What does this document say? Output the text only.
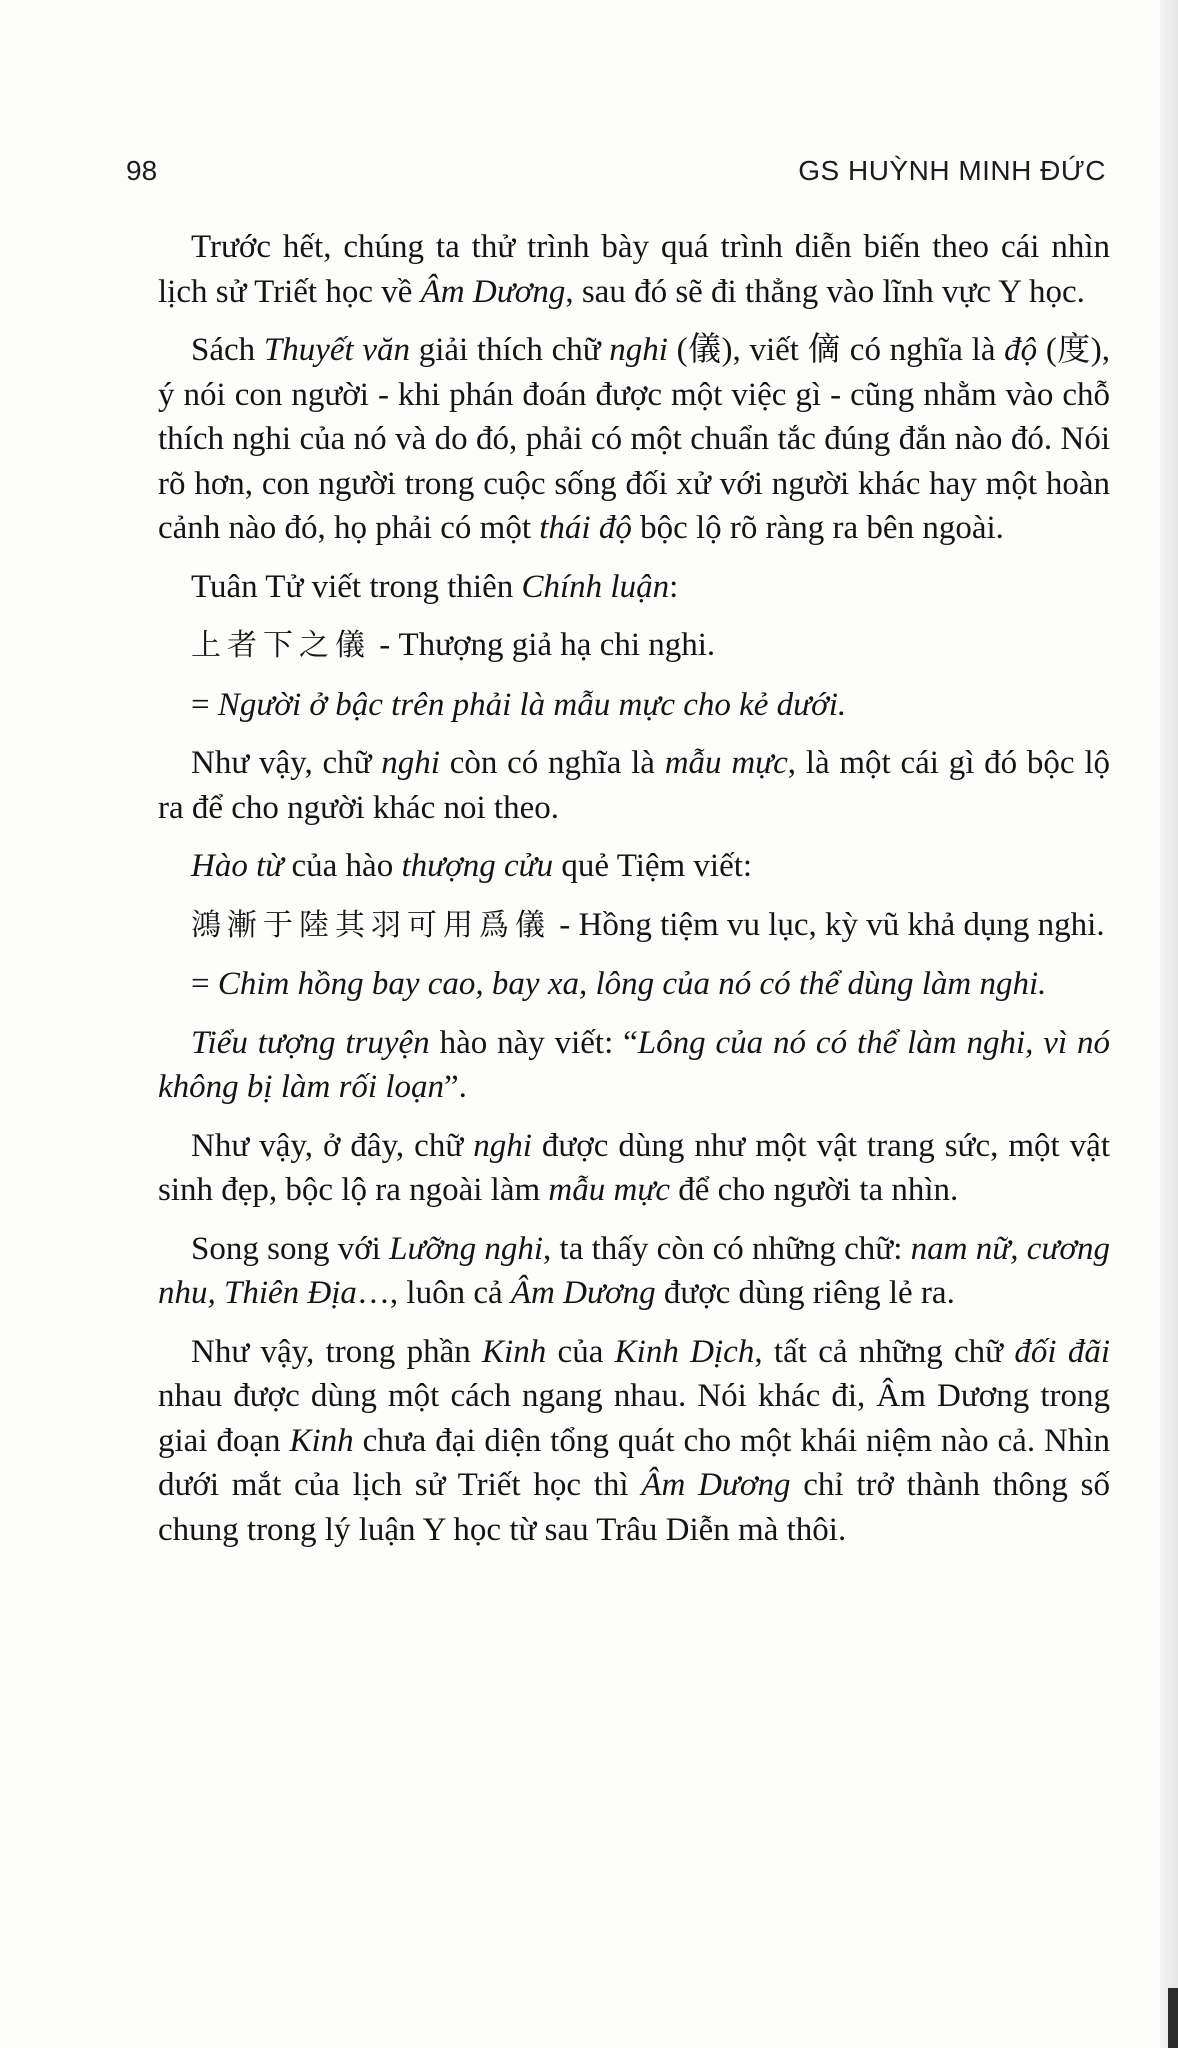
98	GS HUỲNH MINH ĐỨC

Trước hết, chúng ta thử trình bày quá trình diễn biến theo cái nhìn lịch sử Triết học về Âm Dương, sau đó sẽ đi thẳng vào lĩnh vực Y học.

Sách Thuyết văn giải thích chữ nghi (儀), viết 㒀 có nghĩa là độ (度), ý nói con người - khi phán đoán được một việc gì - cũng nhằm vào chỗ thích nghi của nó và do đó, phải có một chuẩn tắc đúng đắn nào đó. Nói rõ hơn, con người trong cuộc sống đối xử với người khác hay một hoàn cảnh nào đó, họ phải có một thái độ bộc lộ rõ ràng ra bên ngoài.

Tuân Tử viết trong thiên Chính luận:

上者下之儀 - Thượng giả hạ chi nghi.

= Người ở bậc trên phải là mẫu mực cho kẻ dưới.

Như vậy, chữ nghi còn có nghĩa là mẫu mực, là một cái gì đó bộc lộ ra để cho người khác noi theo.

Hào từ của hào thượng cửu quẻ Tiệm viết:

鴻漸于陸其羽可用爲儀 - Hồng tiệm vu lục, kỳ vũ khả dụng nghi.

= Chim hồng bay cao, bay xa, lông của nó có thể dùng làm nghi.

Tiểu tượng truyện hào này viết: “Lông của nó có thể làm nghi, vì nó không bị làm rối loạn”.

Như vậy, ở đây, chữ nghi được dùng như một vật trang sức, một vật sinh đẹp, bộc lộ ra ngoài làm mẫu mực để cho người ta nhìn.

Song song với Lưỡng nghi, ta thấy còn có những chữ: nam nữ, cương nhu, Thiên Địa…, luôn cả Âm Dương được dùng riêng lẻ ra.

Như vậy, trong phần Kinh của Kinh Dịch, tất cả những chữ đối đãi nhau được dùng một cách ngang nhau. Nói khác đi, Âm Dương trong giai đoạn Kinh chưa đại diện tổng quát cho một khái niệm nào cả. Nhìn dưới mắt của lịch sử Triết học thì Âm Dương chỉ trở thành thông số chung trong lý luận Y học từ sau Trâu Diễn mà thôi.
